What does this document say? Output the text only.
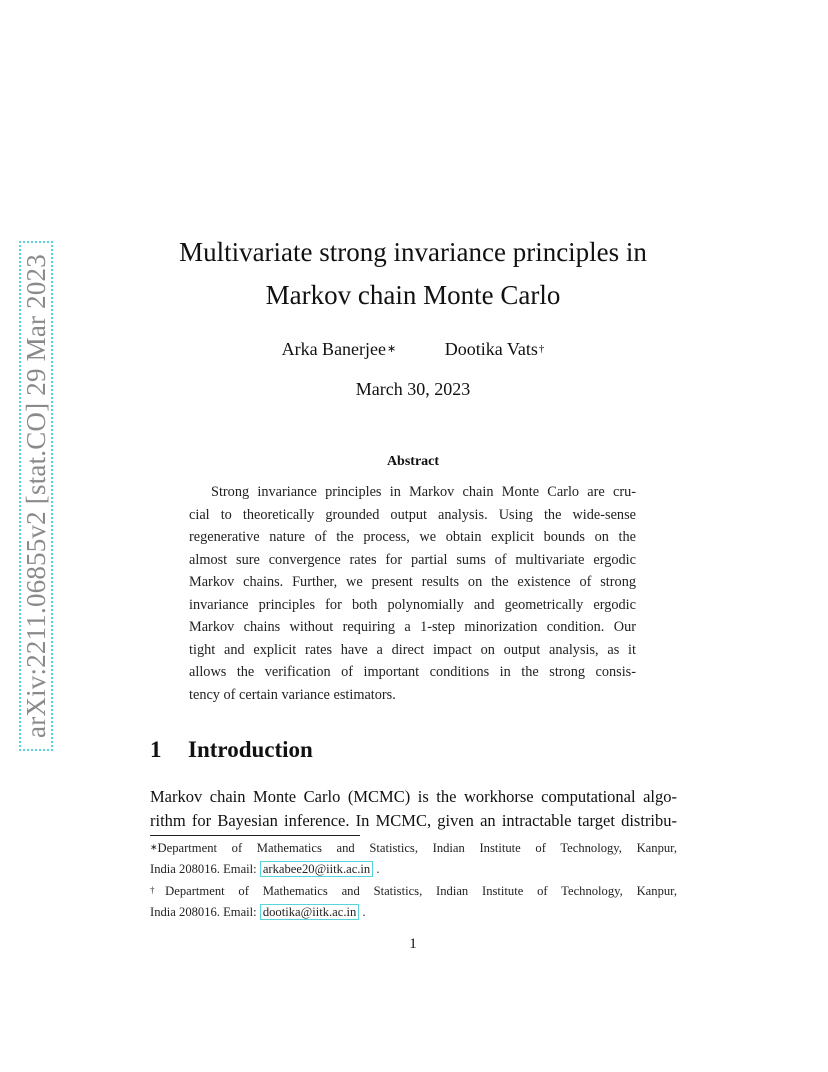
arXiv:2211.06855v2 [stat.CO] 29 Mar 2023
Multivariate strong invariance principles in
Markov chain Monte Carlo
Arka Banerjee∗	Dootika Vats†
March 30, 2023
Abstract
Strong invariance principles in Markov chain Monte Carlo are cru-
cial to theoretically grounded output analysis. Using the wide-sense
regenerative nature of the process, we obtain explicit bounds on the
almost sure convergence rates for partial sums of multivariate ergodic
Markov chains. Further, we present results on the existence of strong
invariance principles for both polynomially and geometrically ergodic
Markov chains without requiring a 1-step minorization condition. Our
tight and explicit rates have a direct impact on output analysis, as it
allows the verification of important conditions in the strong consis-
tency of certain variance estimators.
1 Introduction
Markov chain Monte Carlo (MCMC) is the workhorse computational algo-
rithm for Bayesian inference. In MCMC, given an intractable target distribu-
∗Department of Mathematics and Statistics, Indian Institute of Technology, Kanpur,
India 208016. Email: arkabee20@iitk.ac.in .
†Department of Mathematics and Statistics, Indian Institute of Technology, Kanpur,
India 208016. Email: dootika@iitk.ac.in .
1
